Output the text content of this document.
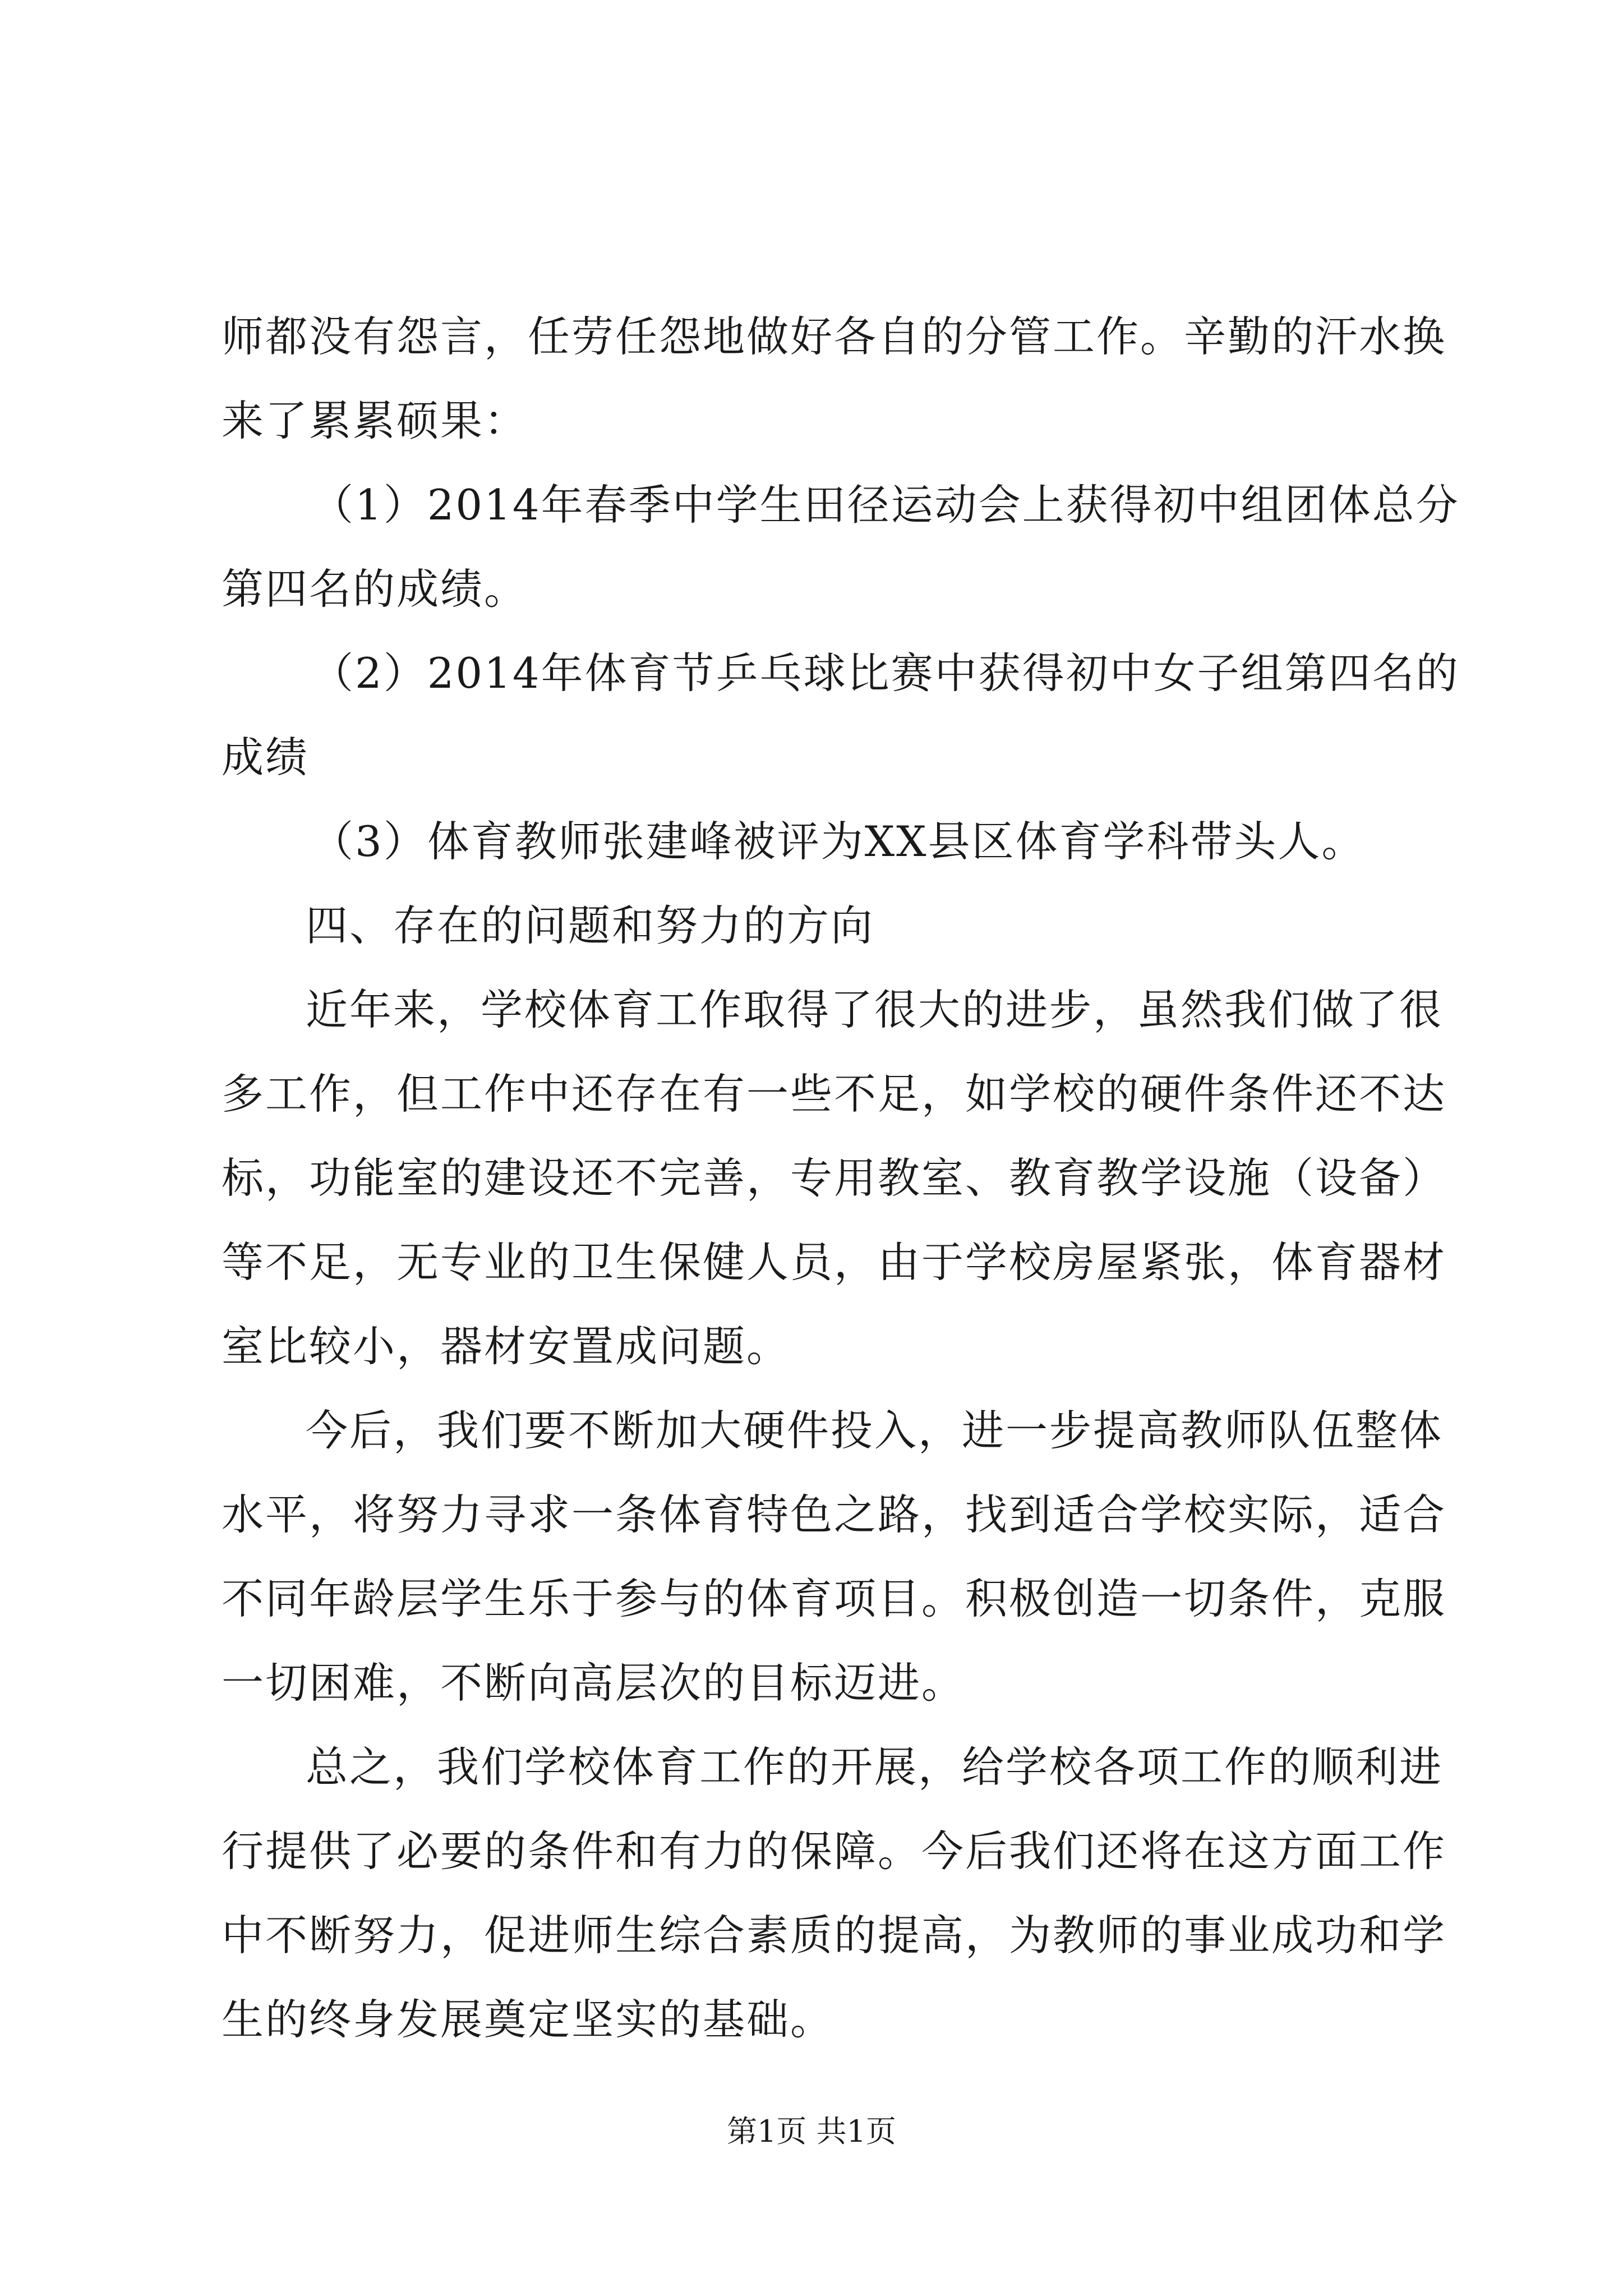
师都没有怨言，任劳任怨地做好各自的分管工作。辛勤的汗水换
来了累累硕果：
（1）2014年春季中学生田径运动会上获得初中组团体总分
第四名的成绩。
（2）2014年体育节乒乓球比赛中获得初中女子组第四名的
成绩
（3）体育教师张建峰被评为XX县区体育学科带头人。
四、存在的问题和努力的方向
近年来，学校体育工作取得了很大的进步，虽然我们做了很
多工作，但工作中还存在有一些不足，如学校的硬件条件还不达
标，功能室的建设还不完善，专用教室、教育教学设施（设备）
等不足，无专业的卫生保健人员，由于学校房屋紧张，体育器材
室比较小，器材安置成问题。
今后，我们要不断加大硬件投入，进一步提高教师队伍整体
水平，将努力寻求一条体育特色之路，找到适合学校实际，适合
不同年龄层学生乐于参与的体育项目。积极创造一切条件，克服
一切困难，不断向高层次的目标迈进。
总之，我们学校体育工作的开展，给学校各项工作的顺利进
行提供了必要的条件和有力的保障。今后我们还将在这方面工作
中不断努力，促进师生综合素质的提高，为教师的事业成功和学
生的终身发展奠定坚实的基础。
第1页 共1页
